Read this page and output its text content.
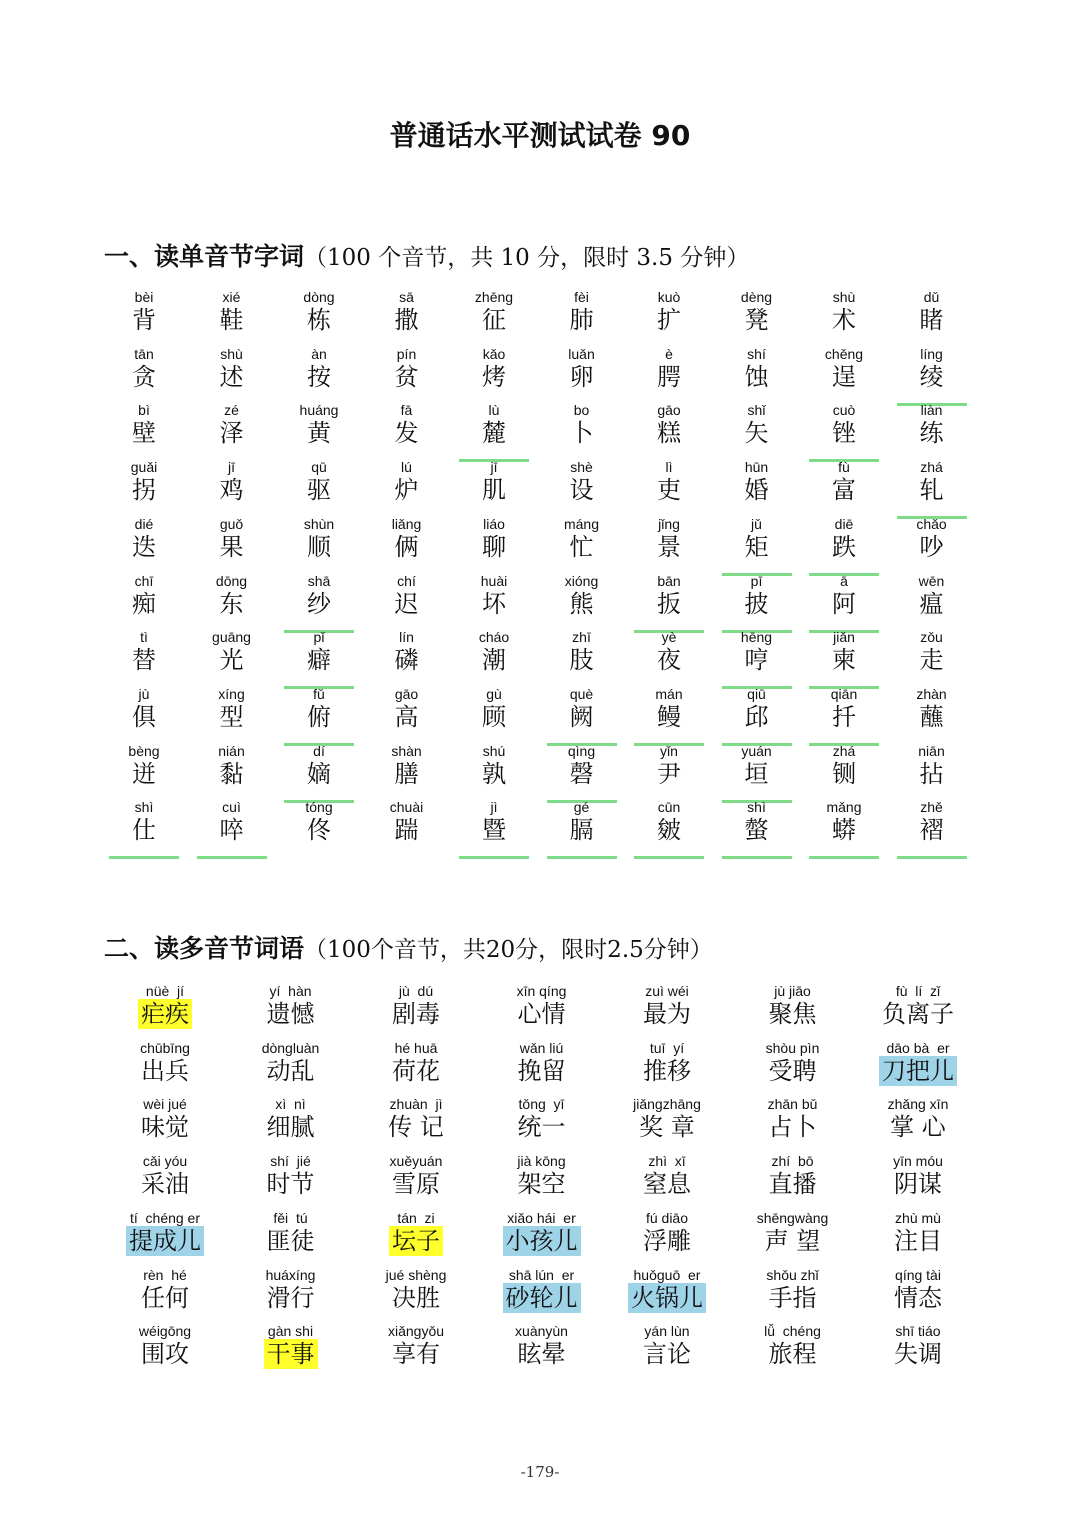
普通话水平测试试卷 90
一、读单音节字词（100 个音节，共 10 分，限时 3.5 分钟）
bèi
背
xié
鞋
dòng
栋
sā
撒
zhēng
征
fèi
肺
kuò
扩
dèng
凳
shù
术
dǔ
睹
tān
贪
shù
述
àn
按
pín
贫
kǎo
烤
luǎn
卵
è
腭
shí
蚀
chěng
逞
líng
绫
bì
壁
zé
泽
huáng
黄
fā
发
lù
麓
bo
卜
gāo
糕
shǐ
矢
cuò
锉
liàn
练
guǎi
拐
jī
鸡
qū
驱
lú
炉
jī
肌
shè
设
lì
吏
hūn
婚
fù
富
zhá
轧
dié
迭
guǒ
果
shùn
顺
liǎng
俩
liáo
聊
máng
忙
jǐng
景
jǔ
矩
diē
跌
chǎo
吵
chī
痴
dōng
东
shā
纱
chí
迟
huài
坏
xióng
熊
bān
扳
pī
披
ā
阿
wēn
瘟
tì
替
guāng
光
pǐ
癖
lín
磷
cháo
潮
zhī
肢
yè
夜
hēng
哼
jiǎn
柬
zǒu
走
jù
俱
xíng
型
fǔ
俯
gāo
高
gù
顾
què
阙
mán
鳗
qiū
邱
qiān
扦
zhàn
蘸
bèng
迸
nián
黏
dí
嫡
shàn
膳
shú
孰
qìng
磬
yǐn
尹
yuán
垣
zhá
铡
niān
拈
shì
仕
cuì
啐
tóng
佟
chuài
踹
jì
暨
gé
膈
cūn
皴
shì
螫
mǎng
蟒
zhě
褶
二、读多音节词语（100个音节，共20分，限时2.5分钟）
nüè  jí
疟疾
yí  hàn
遗憾
jù  dú
剧毒
xīn qíng
心情
zuì wéi
最为
jù jiāo
聚焦
fù  lí  zǐ
负离子
chūbīng
出兵
dòngluàn
动乱
hé huā
荷花
wǎn liú
挽留
tuī  yí
推移
shòu pìn
受聘
dāo bà  er
刀把儿
wèi jué
味觉
xì  nì
细腻
zhuàn  jì
传 记
tǒng  yī
统一
jiǎngzhāng
奖 章
zhān bǔ
占卜
zhǎng xīn
掌 心
cǎi yóu
采油
shí  jié
时节
xuěyuán
雪原
jià kōng
架空
zhì  xī
窒息
zhí  bō
直播
yīn móu
阴谋
tí  chéng er
提成儿
fěi  tú
匪徒
tán  zi
坛子
xiǎo hái  er
小孩儿
fú diāo
浮雕
shēngwàng
声 望
zhù mù
注目
rèn  hé
任何
huáxíng
滑行
jué shèng
决胜
shā lún  er
砂轮儿
huǒguō  er
火锅儿
shǒu zhǐ
手指
qíng tài
情态
wéigōng
围攻
gàn shi
干事
xiǎngyǒu
享有
xuànyùn
眩晕
yán lùn
言论
lǚ  chéng
旅程
shī tiáo
失调
-179-
